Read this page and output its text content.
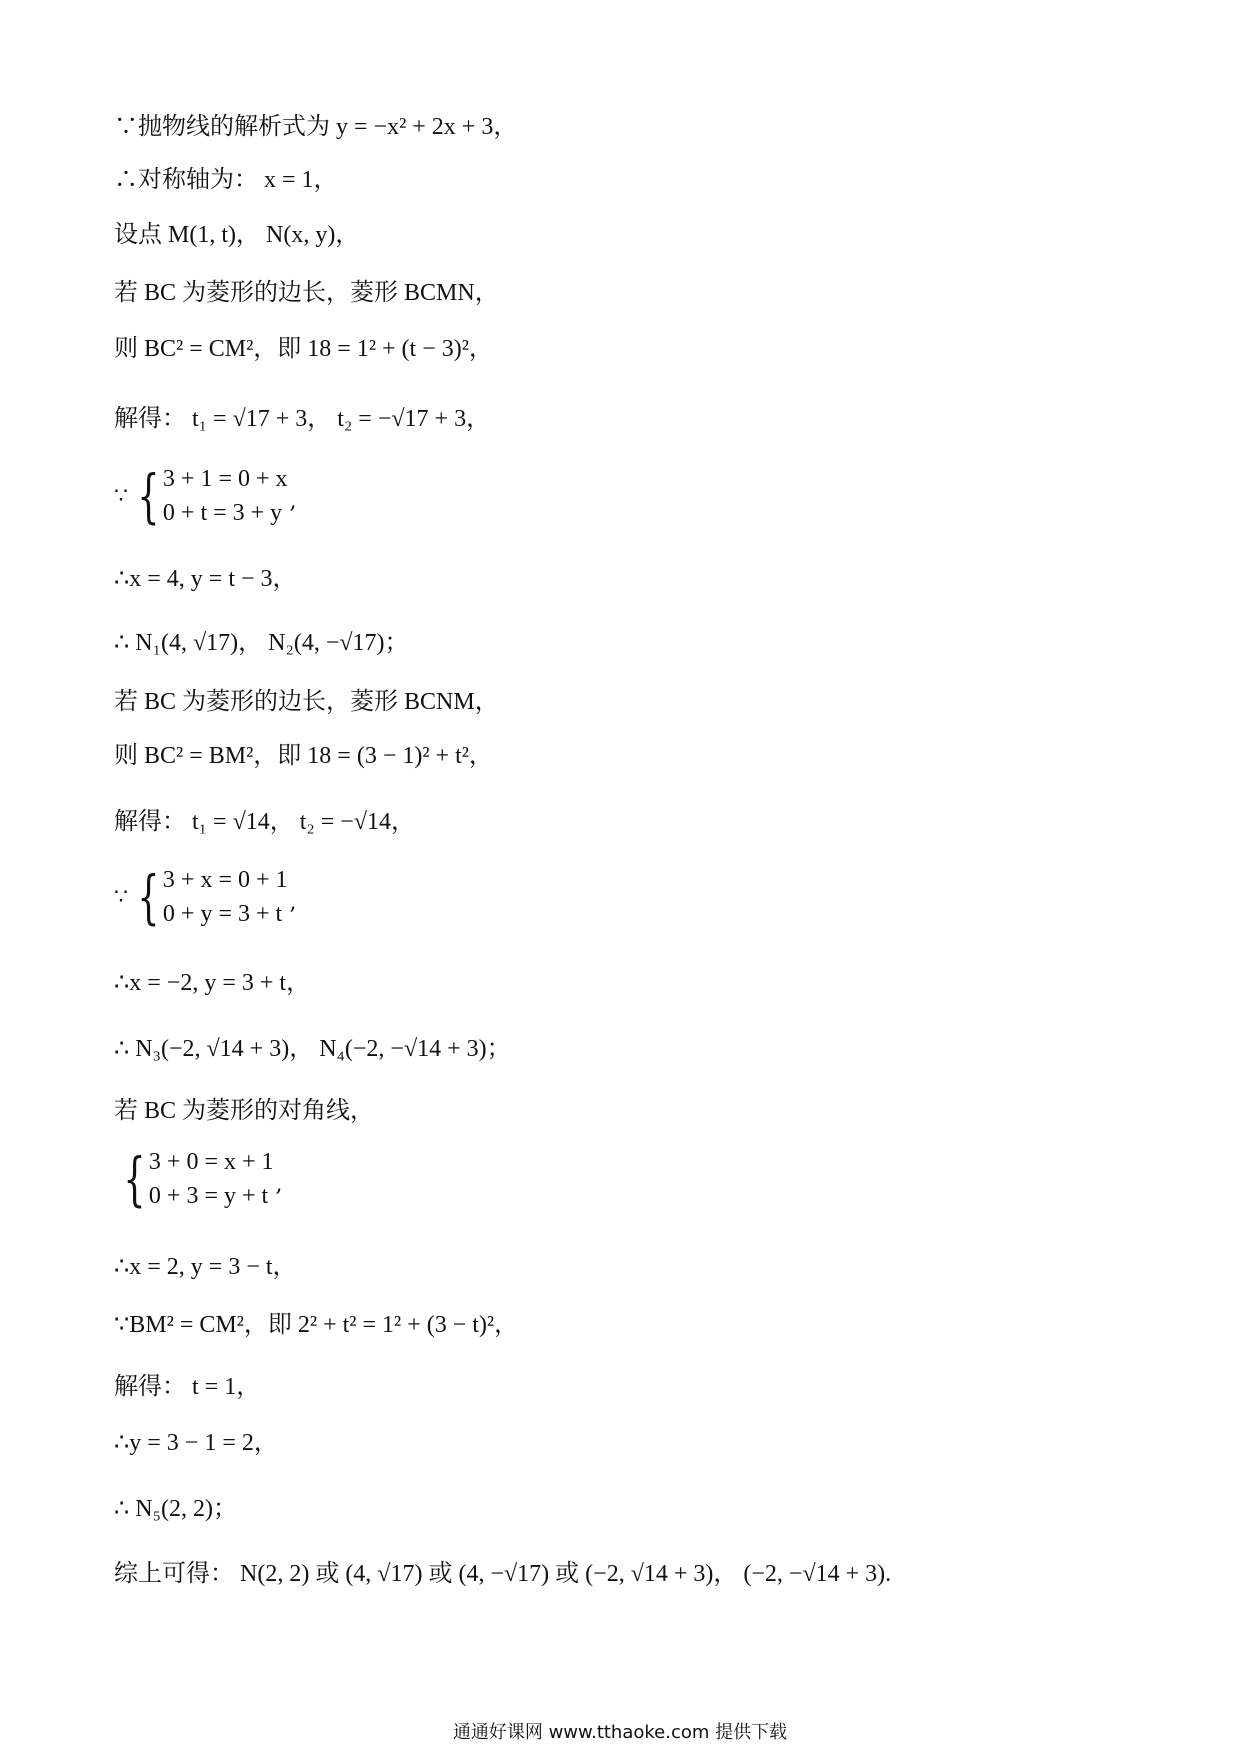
∵抛物线的解析式为 y = −x² + 2x + 3，
∴对称轴为： x = 1，
设点 M(1, t)， N(x, y)，
若 BC 为菱形的边长，菱形 BCMN，
则 BC² = CM²，即 18 = 1² + (t − 3)²，
解得： t₁ = √17 + 3， t₂ = −√17 + 3，
∵ { 3 + 1 = 0 + x
0 + t = 3 + y ,
∴x = 4, y = t − 3，
∴ N₁(4, √17)， N₂(4, −√17)；
若 BC 为菱形的边长，菱形 BCNM，
则 BC² = BM²，即 18 = (3 − 1)² + t²，
解得： t₁ = √14， t₂ = −√14，
∵ { 3 + x = 0 + 1
0 + y = 3 + t ,
∴x = −2, y = 3 + t，
∴ N₃(−2, √14 + 3)， N₄(−2, −√14 + 3)；
若 BC 为菱形的对角线，
{ 3 + 0 = x + 1
0 + 3 = y + t ,
∴x = 2, y = 3 − t，
∵BM² = CM²，即 2² + t² = 1² + (3 − t)²，
解得： t = 1，
∴y = 3 − 1 = 2，
∴ N₅(2, 2)；
综上可得： N(2, 2) 或 (4, √17) 或 (4, −√17) 或 (−2, √14 + 3)， (−2, −√14 + 3).
通通好课网 www.tthaoke.com 提供下载
